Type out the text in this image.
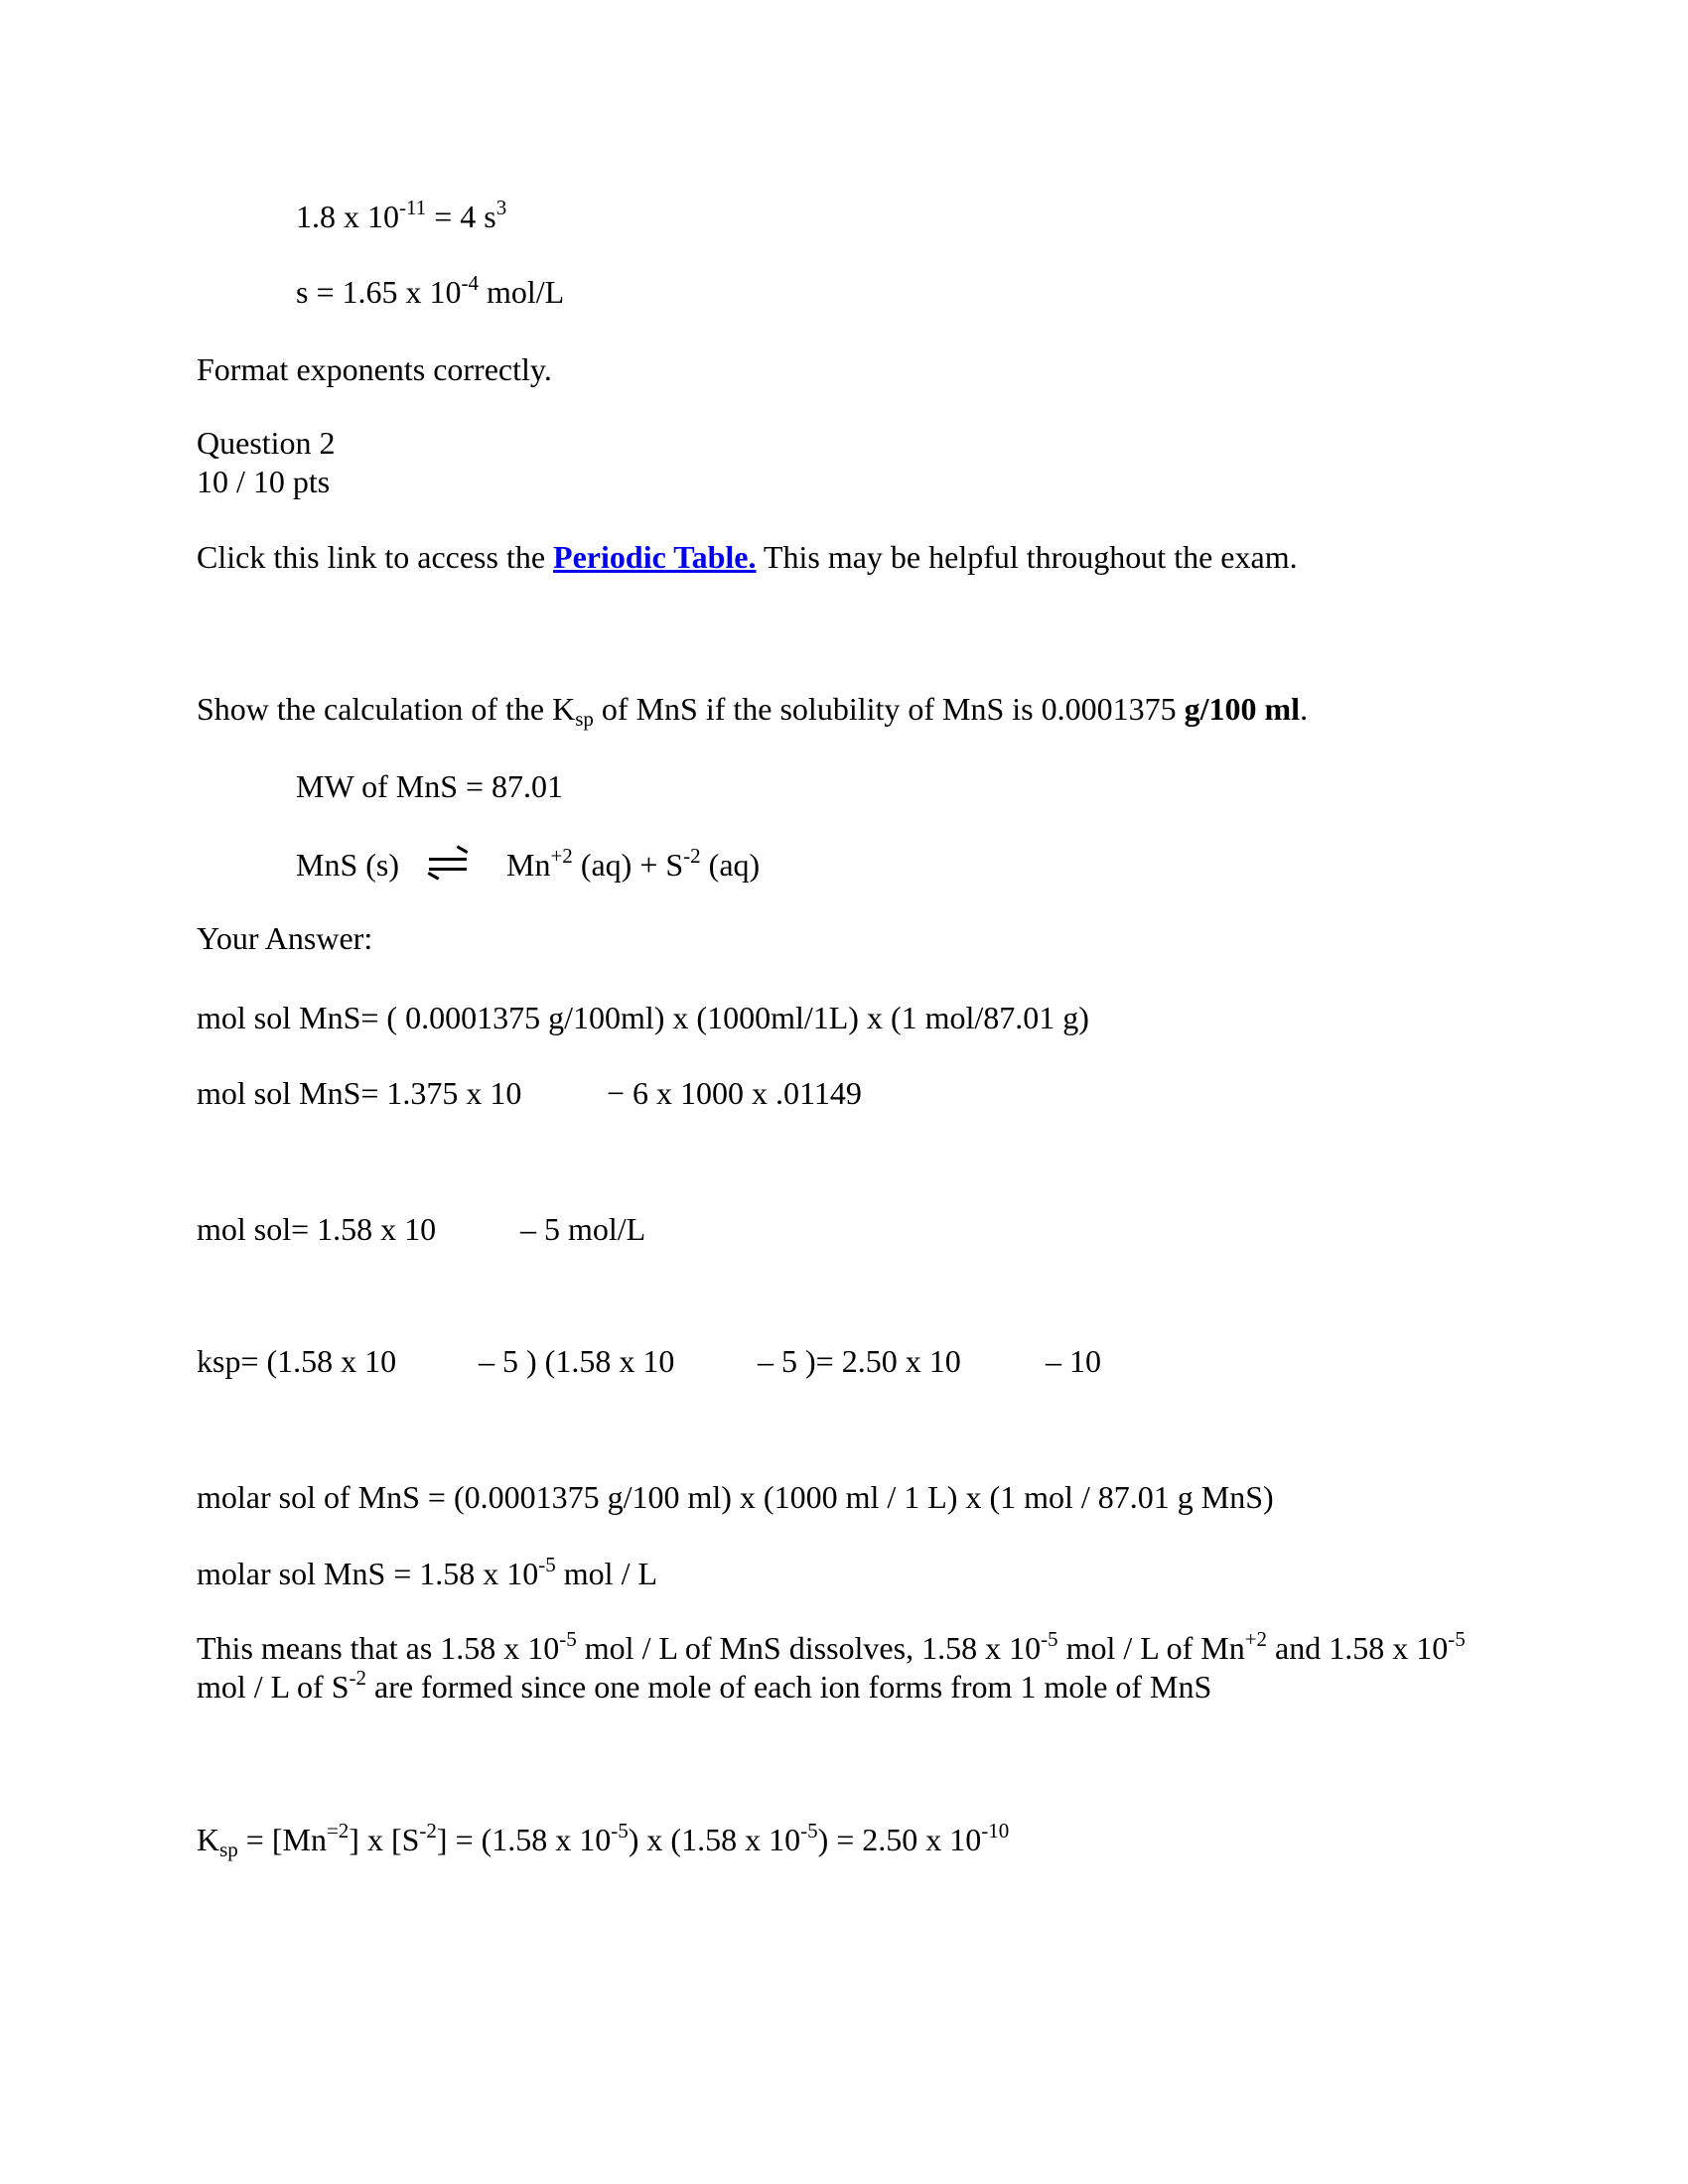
1.8 x $10^{-11} = 4$ $s^3$
s = 1.65 x $10^{-4}$ mol/L
Format exponents correctly.
Question 2
10 / 10 pts
Click this link to access the Periodic Table. This may be helpful throughout the exam.
Show the calculation of the $K_{sp}$ of MnS if the solubility of MnS is 0.0001375 g/100 ml.
MW of MnS = 87.01
MnS (s)	$Mn^{+2}$ $(aq) + S^{-2}$ (aq)
Your Answer:
mol sol MnS= ( 0.0001375 g/100ml) x (1000ml/1L) x (1 mol/87.01 g)
mol sol MnS= 1.375 x 10	− 6 x 1000 x .01149
mol sol= 1.58 x 10	– 5 mol/L
ksp= (1.58 x 10	– 5 ) (1.58 x 10	– 5 )= 2.50 x 10	– 10
molar sol of MnS = (0.0001375 g/100 ml) x (1000 ml / 1 L) x (1 mol / 87.01 g MnS)
molar sol MnS = 1.58 x $10^{-5}$ mol / L
This means that as 1.58 x $10^{-5}$ mol / L of MnS dissolves, 1.58 x $10^{-5}$ mol / L of $Mn^{+2}$ and 1.58 x $10^{-5}$ mol / L of $S^{-2}$ are formed since one mole of each ion forms from 1 mole of MnS
$K_{sp} = [Mn^{=2}]$ x $[S^{-2}] = (1.58$ x $10^{-5}$) x (1.58 x $10^{-5}) = 2.50$ x $10^{-10}$
